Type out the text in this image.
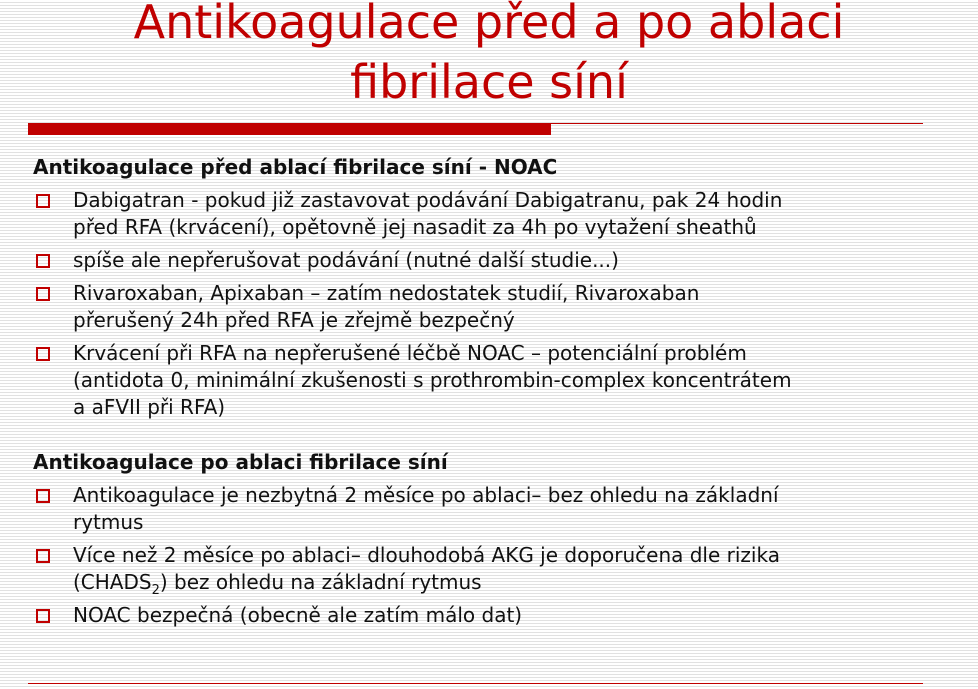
Antikoagulace před a po ablaci
fibrilace síní
Antikoagulace před ablací fibrilace síní - NOAC
Dabigatran - pokud již zastavovat podávání Dabigatranu, pak 24 hodin
před RFA (krvácení), opětovně jej nasadit za 4h po vytažení sheathů
spíše ale nepřerušovat podávání (nutné další studie...)
Rivaroxaban, Apixaban – zatím nedostatek studií, Rivaroxaban
přerušený 24h před RFA je zřejmě bezpečný
Krvácení při RFA na nepřerušené léčbě NOAC – potenciální problém
(antidota 0, minimální zkušenosti s prothrombin-complex koncentrátem
a aFVII při RFA)
Antikoagulace po ablaci fibrilace síní
Antikoagulace je nezbytná 2 měsíce po ablaci– bez ohledu na základní
rytmus
Více než 2 měsíce po ablaci– dlouhodobá AKG je doporučena dle rizika
$(CHADS_2)$ bez ohledu na základní rytmus
NOAC bezpečná (obecně ale zatím málo dat)
